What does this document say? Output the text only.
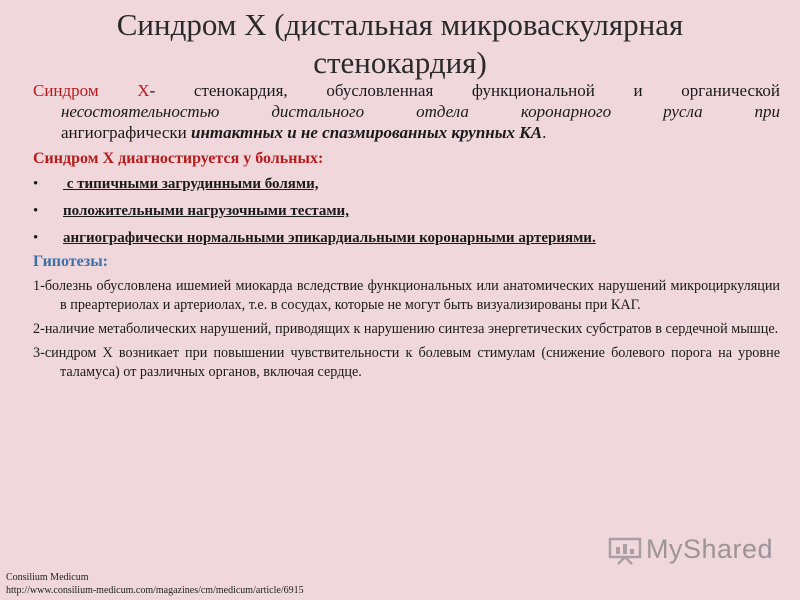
Синдром X (дистальная микроваскулярная
стенокардия)
Синдром Х- стенокардия, обусловленная функциональной и органической
несостоятельностью дистального отдела коронарного русла при
ангиографически интактных и не спазмированных крупных КА.
Синдром Х диагностируется у больных:
• с типичными загрудинными болями,
• положительными нагрузочными тестами,
• ангиографически нормальными эпикардиальными коронарными артериями.
Гипотезы:
1-болезнь обусловлена ишемией миокарда вследствие функциональных или анатомических нарушений микроциркуляции в преартериолах и артериолах, т.е. в сосудах, которые не могут быть визуализированы при КАГ.
2-наличие метаболических нарушений, приводящих к нарушению синтеза энергетических субстратов в сердечной мышце.
3-синдром Х возникает при повышении чувствительности к болевым стимулам (снижение болевого порога на уровне таламуса) от различных органов, включая сердце.
MyShared
Consilium Medicum
http://www.consilium-medicum.com/magazines/cm/medicum/article/6915
